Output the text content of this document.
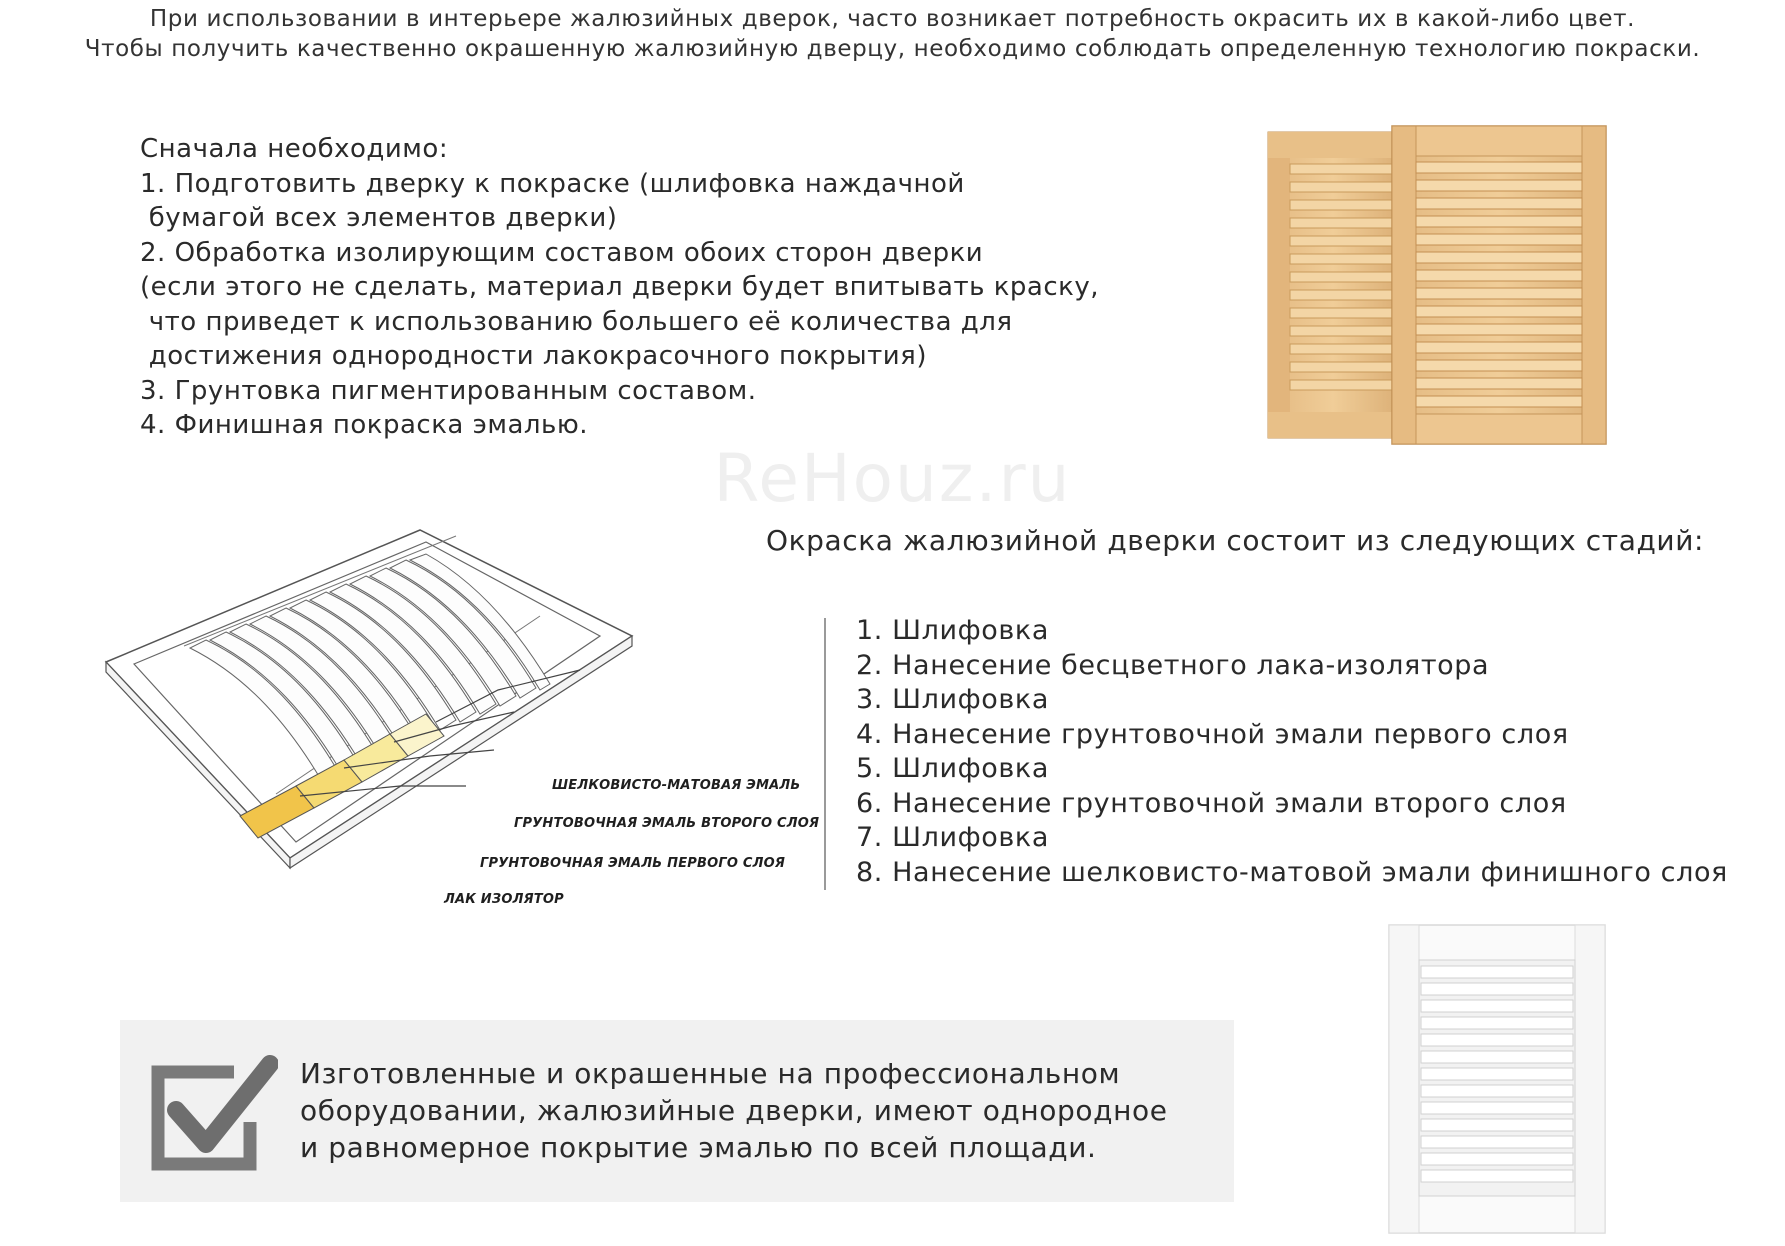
При использовании в интерьере жалюзийных дверок, часто возникает потребность окрасить их в какой-либо цвет.
Чтобы получить качественно окрашенную жалюзийную дверцу, необходимо соблюдать определенную технологию покраски.
Сначала необходимо:
1. Подготовить дверку к покраске (шлифовка наждачной
бумагой всех элементов дверки)
2. Обработка изолирующим составом обоих сторон дверки
(если этого не сделать, материал дверки будет впитывать краску,
что приведет к использованию большего её количества для
достижения однородности лакокрасочного покрытия)
3. Грунтовка пигментированным составом.
4. Финишная покраска эмалью.
ReHouz.ru
ШЕЛКОВИСТО-МАТОВАЯ ЭМАЛЬ
ГРУНТОВОЧНАЯ ЭМАЛЬ ВТОРОГО СЛОЯ
ГРУНТОВОЧНАЯ ЭМАЛЬ ПЕРВОГО СЛОЯ
ЛАК ИЗОЛЯТОР
Окраска жалюзийной дверки состоит из следующих стадий:
1. Шлифовка
2. Нанесение бесцветного лака-изолятора
3. Шлифовка
4. Нанесение грунтовочной эмали первого слоя
5. Шлифовка
6. Нанесение грунтовочной эмали второго слоя
7. Шлифовка
8. Нанесение шелковисто-матовой эмали финишного слоя
Изготовленные и окрашенные на профессиональном
оборудовании, жалюзийные дверки, имеют однородное
и равномерное покрытие эмалью по всей площади.
